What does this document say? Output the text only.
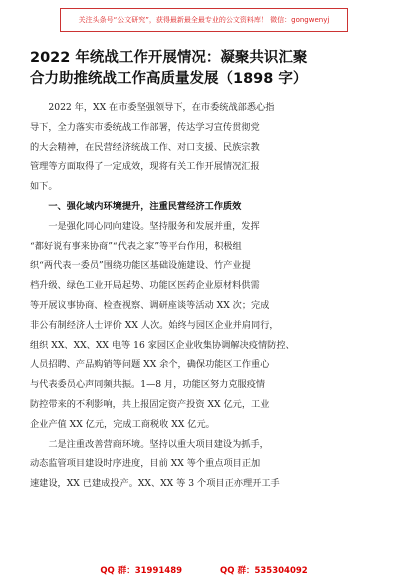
关注头条号“公文研究”，获得最新最全最专业的公文资料库！ 微信：gongwenyj
2022 年统战工作开展情况：凝聚共识汇聚
合力助推统战工作高质量发展（1898 字）

　　2022 年，XX 在市委坚强领导下，在市委统战部悉心指
导下，全力落实市委统战工作部署，传达学习宣传贯彻党
的大会精神，在民营经济统战工作、对口支援、民族宗教
管理等方面取得了一定成效，现将有关工作开展情况汇报
如下。

　　一、强化域内环境提升，注重民营经济工作质效

　　一是强化同心同向建设。坚持服务和发展并重，发挥
“都好说有事来协商”“代表之家”等平台作用，积极组
织“两代表一委员”围绕功能区基础设施建设、竹产业提
档升级、绿色工业开局起势、功能区医药企业原材料供需
等开展议事协商、检查视察、调研座谈等活动 XX 次；完成
非公有制经济人士评价 XX 人次。始终与园区企业并肩同行，
组织 XX、XX、XX 电等 16 家园区企业收集协调解决疫情防控、
人员招聘、产品购销等问题 XX 余个，确保功能区工作重心
与代表委员心声同频共振。1—8 月，功能区努力克服疫情
防控带来的不利影响，共上报固定资产投资 XX 亿元，工业
企业产值 XX 亿元，完成工商税收 XX 亿元。

　　二是注重改善营商环境。坚持以重大项目建设为抓手，
动态监管项目建设时序进度，目前 XX 等个重点项目正加
速建设，XX 已建成投产。XX、XX 等 3 个项目正亦理开工手

QQ 群：31991489	QQ 群：535304092
